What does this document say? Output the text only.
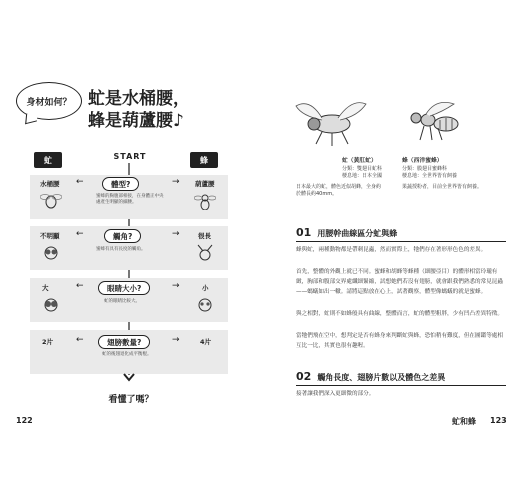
身材如何？ 虻是水桶腰，
蜂是葫蘆腰♪
虻	蜂
START
水桶腰	葫蘆腰
體型?
←	→
蜜蜂的胸腹部相接，在身體正中央處產生明顯的細腰。
不明顯	很長
觸角?
←	→
蜜蜂有具有長度的觸角。
大	小
眼睛大小?
←	→
虻的眼睛比較大。
2片	4片
翅膀數量?
←	→
虻的後翅退化成平衡棍。
看懂了嗎？
122
虻（黃肛虻）
分類：雙翅目虻科
棲息地：日本全國
日本最大的虻，體色近似胡蜂，全身約於體長約40mm。
蜂（西洋蜜蜂）
分類：膜翅目蜜蜂科
棲息地：全世界皆有飼養
果蔬授粉者，目前全世界皆有飼養。
01 用腰幹曲線區分虻與蜂
蜂與虻，兩種動物都是帶刺昆蟲，然而實際上，牠們存在著形形色色的差異。
首先，整體的外觀上就已不同。蜜蜂和胡蜂等蜂種（細腰亞目）的體形相當玲瓏有緻，胸部和腹部交界處纖細緊縮，試想她們若沒有翅膀，就會跟我們熟悉的常見昆蟲——螞蟻如出一轍。請將這點放在心上，試著觀察，體型像螞蟻的就是蜜蜂。
與之相對，虻則不如蜂般具有曲線，整體而言，虻的體型粗胖，少有凹凸差異特徵。
當牠們飛在空中，想判定是否有蜂身來判斷虻與蜂，恐怕稍有難度，但在圖鑑等處相互比一比，其實也很有趣喔。
02 觸角長度、翅膀片數以及體色之差異
接著讓我們深入更細微的部分。
虻和蜂 123
